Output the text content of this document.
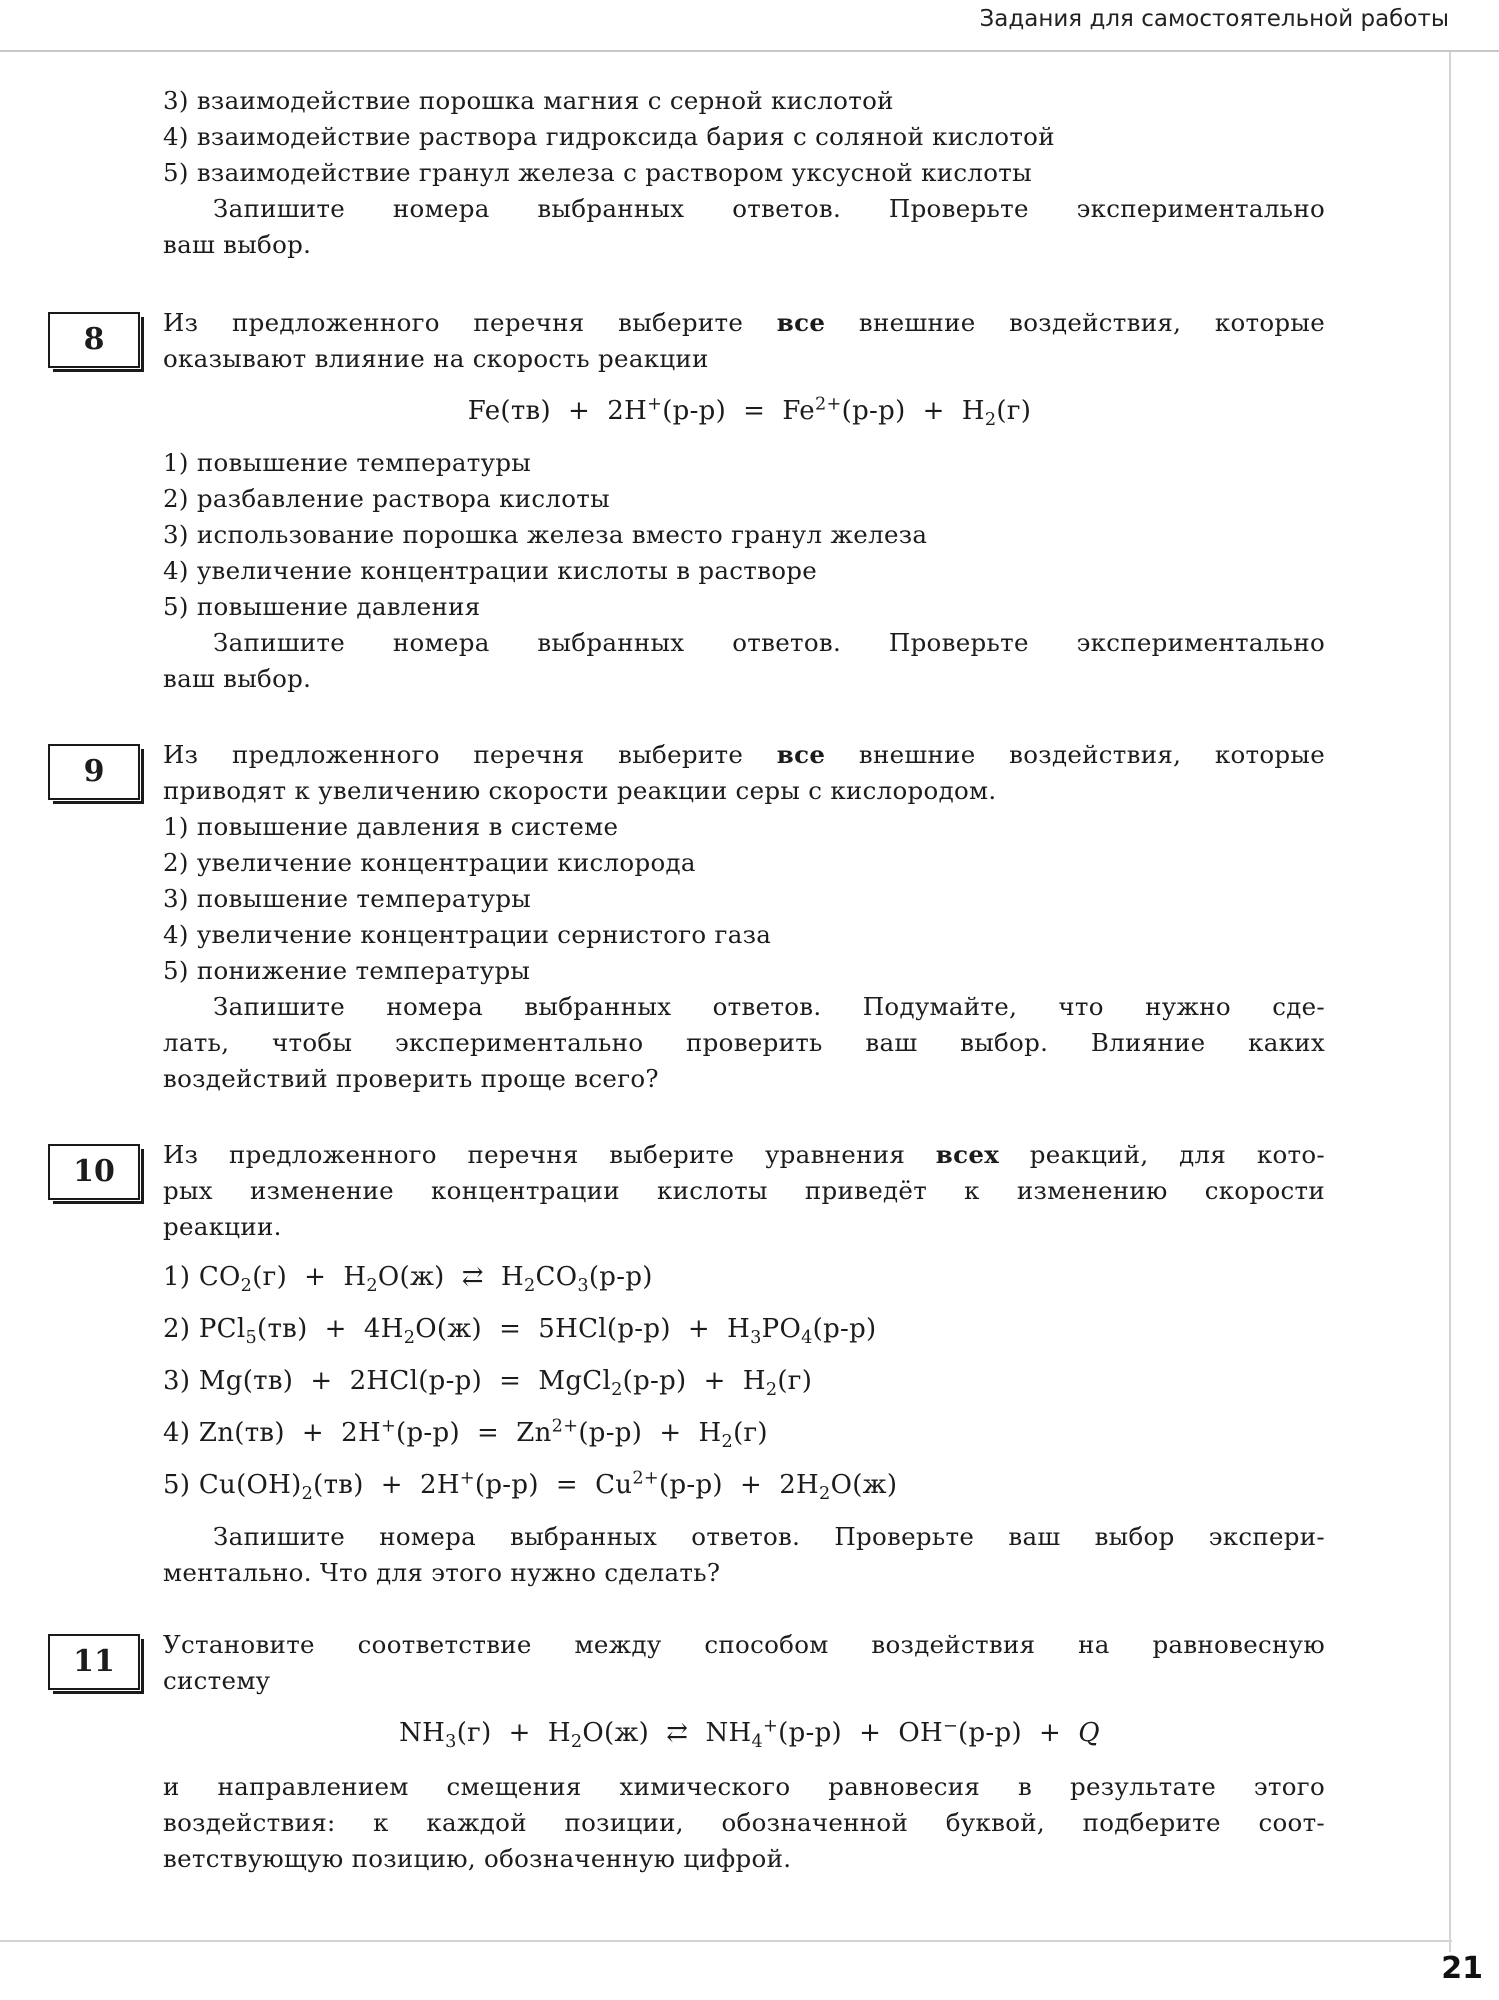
Задания для самостоятельной работы
21
3) взаимодействие порошка магния с серной кислотой
4) взаимодействие раствора гидроксида бария с соляной кислотой
5) взаимодействие гранул железа с раствором уксусной кислоты
Запишите номера выбранных ответов. Проверьте экспериментально
ваш выбор.
8	Из предложенного перечня выберите все внешние воздействия, которые
оказывают влияние на скорость реакции
$Fe(тв) + 2H^+(р-р) = Fe^{2+}(р-р) + H_2(г)$
1) повышение температуры
2) разбавление раствора кислоты
3) использование порошка железа вместо гранул железа
4) увеличение концентрации кислоты в растворе
5) повышение давления
Запишите номера выбранных ответов. Проверьте экспериментально
ваш выбор.
9	Из предложенного перечня выберите все внешние воздействия, которые
приводят к увеличению скорости реакции серы с кислородом.
1) повышение давления в системе
2) увеличение концентрации кислорода
3) повышение температуры
4) увеличение концентрации сернистого газа
5) понижение температуры
Запишите номера выбранных ответов. Подумайте, что нужно сде-
лать, чтобы экспериментально проверить ваш выбор. Влияние каких
воздействий проверить проще всего?
10	Из предложенного перечня выберите уравнения всех реакций, для кото-
рых изменение концентрации кислоты приведёт к изменению скорости
реакции.
1) $CO_2(г) + H_2O(ж)$  ⇄  $H_2CO_3(р-р)$
2) $PCl_5(тв) + 4H_2O(ж) = 5HCl(р-р) + H_3PO_4(р-р)$
3) Mg(тв)  +  2HCl(р-р)  =  MgCl$_2$(р-р)  +  $H_2(г)$
4) $Zn(тв) + 2H^+(р-р) = Zn^{2+}(р-р) + H_2(г)$
5) $Cu(OH)_2(тв) + 2H^+(р-р) = Cu^{2+}(р-р) + 2H_2O(ж)$
Запишите номера выбранных ответов. Проверьте ваш выбор экспери-
ментально. Что для этого нужно сделать?
11	Установите соответствие между способом воздействия на равновесную
систему
$NH_3(г) + H_2O(ж)$  ⇄  $NH_4^+(р-р) + OH^-(р-р) + Q$
и направлением смещения химического равновесия в результате этого
воздействия: к каждой позиции, обозначенной буквой, подберите соот-
ветствующую позицию, обозначенную цифрой.
